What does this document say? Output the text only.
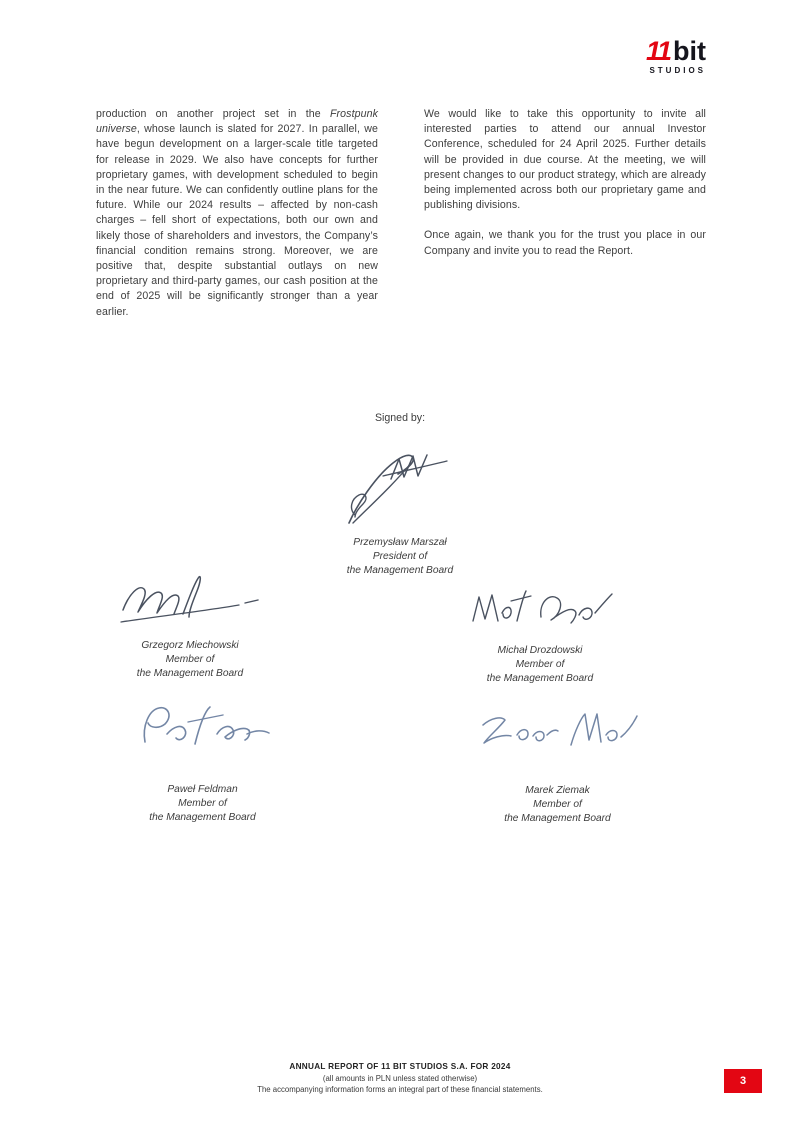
11 bit
STUDIOS

production on another project set in the Frostpunk universe, whose launch is slated for 2027. In parallel, we have begun development on a larger-scale title targeted for release in 2029. We also have concepts for further proprietary games, with development scheduled to begin in the near future. We can confidently outline plans for the future. While our 2024 results – affected by non-cash charges – fell short of expectations, both our own and likely those of shareholders and investors, the Company’s financial condition remains strong. Moreover, we are positive that, despite substantial outlays on new proprietary and third-party games, our cash position at the end of 2025 will be significantly stronger than a year earlier.

We would like to take this opportunity to invite all interested parties to attend our annual Investor Conference, scheduled for 24 April 2025. Further details will be provided in due course. At the meeting, we will present changes to our product strategy, which are already being implemented across both our proprietary game and publishing divisions.

Once again, we thank you for the trust you place in our Company and invite you to read the Report.

Signed by:
Przemysław Marszał
President of
the Management Board
Grzegorz Miechowski
Member of
the Management Board
Michał Drozdowski
Member of
the Management Board
Paweł Feldman
Member of
the Management Board
Marek Ziemak
Member of
the Management Board
ANNUAL REPORT OF 11 BIT STUDIOS S.A. FOR 2024
(all amounts in PLN unless stated otherwise)
The accompanying information forms an integral part of these financial statements.
3
